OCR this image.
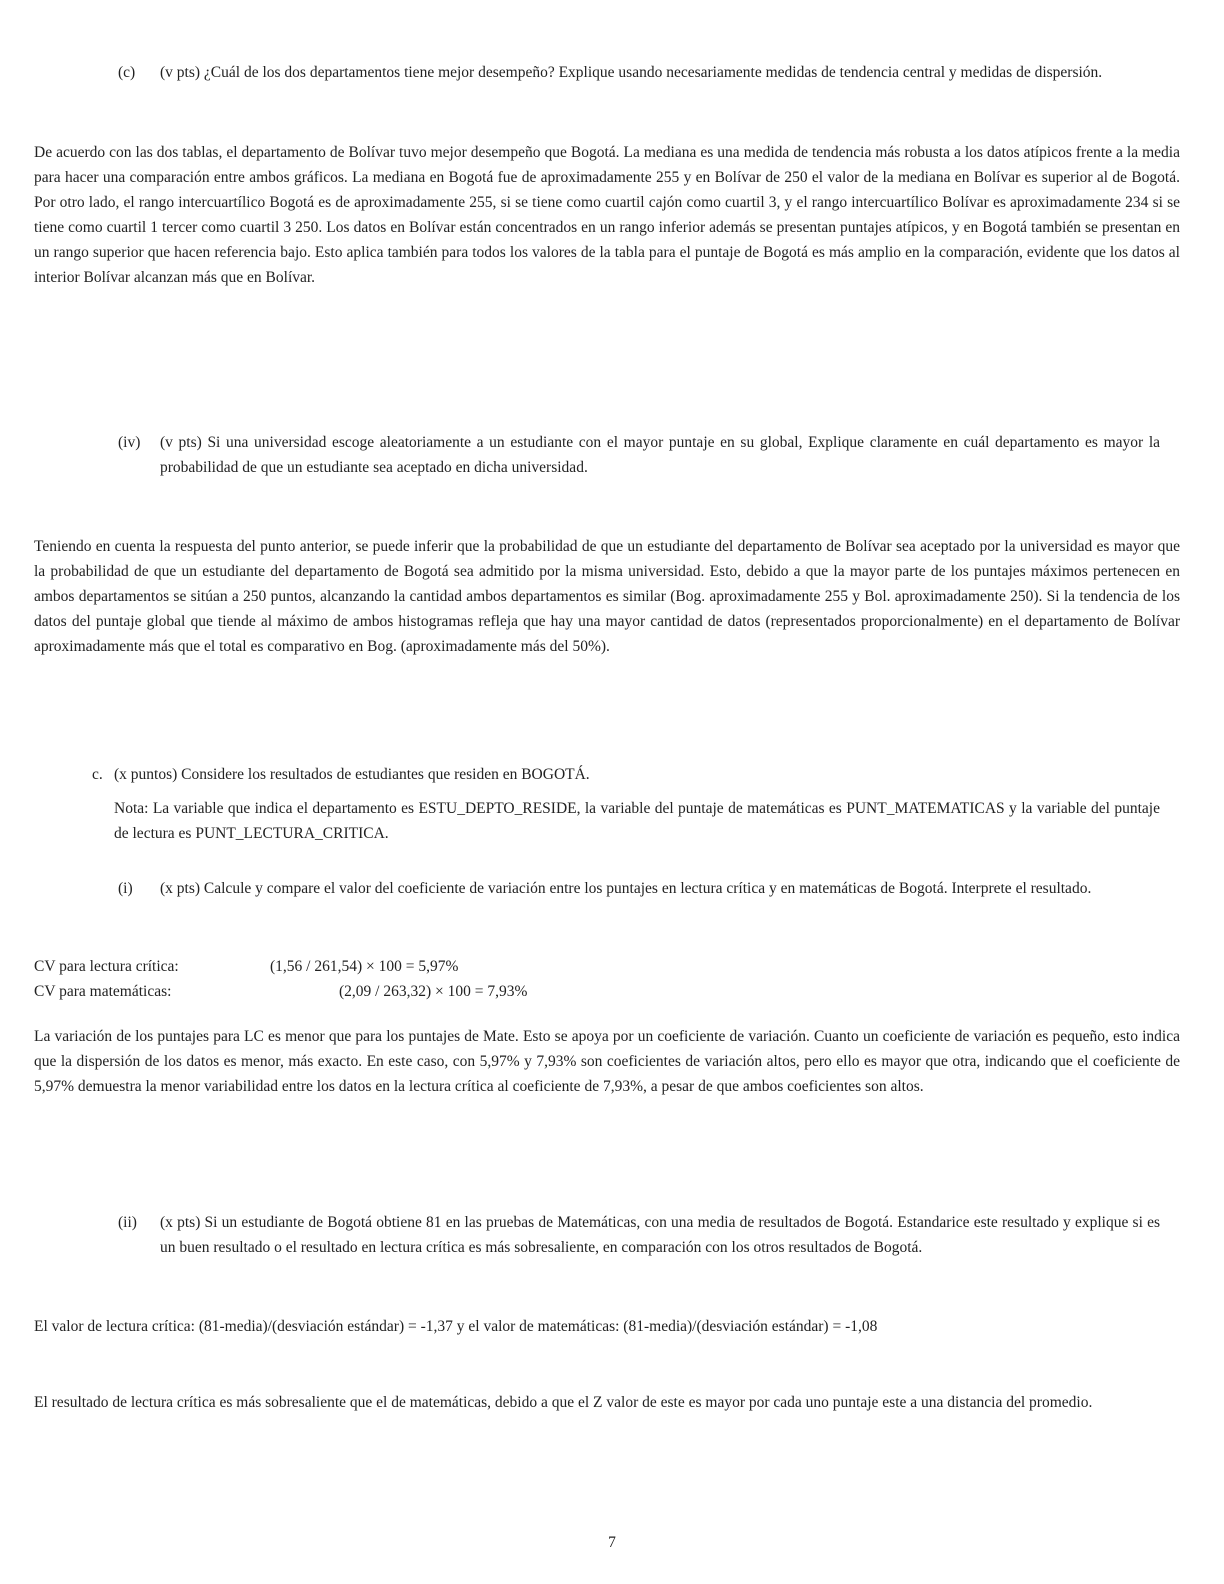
(c) (v pts) ¿Cuál de los dos departamentos tiene mejor desempeño? Explique usando necesariamente medidas de tendencia central y medidas de dispersión.

De acuerdo con las dos tablas, el departamento de Bolívar tuvo mejor desempeño que Bogotá. La mediana es una medida de tendencia más robusta a los datos atípicos frente a la media para hacer una comparación entre ambos gráficos. La mediana en Bogotá fue de aproximadamente 255 y en Bolívar de 250 el valor de la mediana en Bolívar es superior al de Bogotá. Por otro lado, el rango intercuartílico Bogotá es de aproximadamente 255, si se tiene como cuartil cajón como cuartil 3, y el rango intercuartílico Bolívar es aproximadamente 234 si se tiene como cuartil 1 tercer como cuartil 3 250. Los datos en Bolívar están concentrados en un rango inferior además se presentan puntajes atípicos, y en Bogotá también se presentan en un rango superior que hacen referencia bajo. Esto aplica también para todos los valores de la tabla para el puntaje de Bogotá es más amplio en la comparación, evidente que los datos al interior Bolívar alcanzan más que en Bolívar.

(iv) (v pts) Si una universidad escoge aleatoriamente a un estudiante con el mayor puntaje en su global, Explique claramente en cuál departamento es mayor la probabilidad de que un estudiante sea aceptado en dicha universidad.

Teniendo en cuenta la respuesta del punto anterior, se puede inferir que la probabilidad de que un estudiante del departamento de Bolívar sea aceptado por la universidad es mayor que la probabilidad de que un estudiante del departamento de Bogotá sea admitido por la misma universidad. Esto, debido a que la mayor parte de los puntajes máximos pertenecen en ambos departamentos se sitúan a 250 puntos, alcanzando la cantidad ambos departamentos es similar (Bog. aproximadamente 255 y Bol. aproximadamente 250). Si la tendencia de los datos del puntaje global que tiende al máximo de ambos histogramas refleja que hay una mayor cantidad de datos (representados proporcionalmente) en el departamento de Bolívar aproximadamente más que el total es comparativo en Bog. (aproximadamente más del 50%).

c. (x puntos) Considere los resultados de estudiantes que residen en BOGOTÁ.

Nota: La variable que indica el departamento es ESTU_DEPTO_RESIDE, la variable del puntaje de matemáticas es PUNT_MATEMATICAS y la variable del puntaje de lectura es PUNT_LECTURA_CRITICA.

(i) (x pts) Calcule y compare el valor del coeficiente de variación entre los puntajes en lectura crítica y en matemáticas de Bogotá. Interprete el resultado.
CV para lectura crítica:	(1,56 / 261,54) × 100 = 5,97%
CV para matemáticas:	(2,09 / 263,32) × 100 = 7,93%

La variación de los puntajes para LC es menor que para los puntajes de Mate. Esto se apoya por un coeficiente de variación. Cuanto un coeficiente de variación es pequeño, esto indica que la dispersión de los datos es menor, más exacto. En este caso, con 5,97% y 7,93% son coeficientes de variación altos, pero ello es mayor que otra, indicando que el coeficiente de 5,97% demuestra la menor variabilidad entre los datos en la lectura crítica al coeficiente de 7,93%, a pesar de que ambos coeficientes son altos.

(ii) (x pts) Si un estudiante de Bogotá obtiene 81 en las pruebas de Matemáticas, con una media de resultados de Bogotá. Estandarice este resultado y explique si es un buen resultado o el resultado en lectura crítica es más sobresaliente, en comparación con los otros resultados de Bogotá.

El valor de lectura crítica: (81-media)/(desviación estándar) = -1,37 y el valor de matemáticas: (81-media)/(desviación estándar) = -1,08

El resultado de lectura crítica es más sobresaliente que el de matemáticas, debido a que el Z valor de este es mayor por cada uno puntaje este a una distancia del promedio.

7
